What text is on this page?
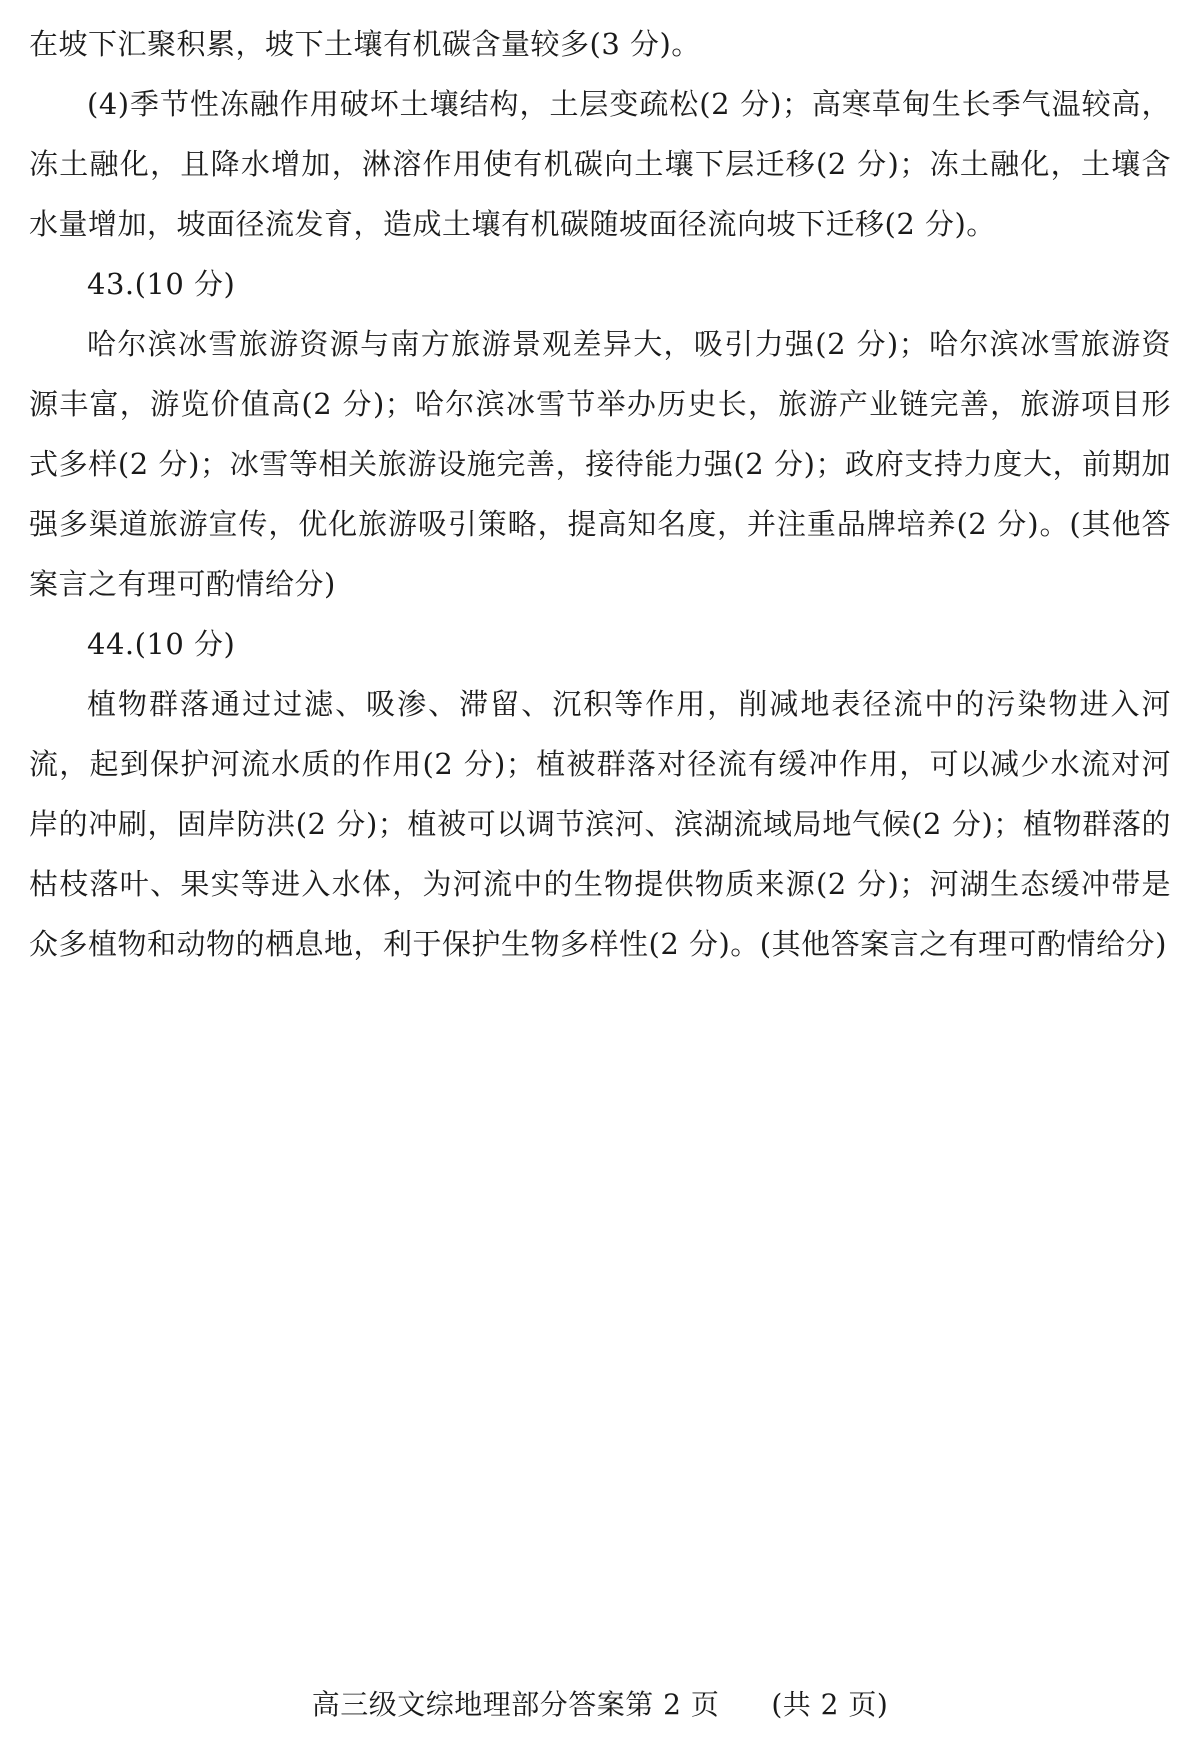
在坡下汇聚积累，坡下土壤有机碳含量较多(3 分)。

(4)季节性冻融作用破坏土壤结构，土层变疏松(2 分)；高寒草甸生长季气温较高，冻土融化，且降水增加，淋溶作用使有机碳向土壤下层迁移(2 分)；冻土融化，土壤含水量增加，坡面径流发育，造成土壤有机碳随坡面径流向坡下迁移(2 分)。

43.(10 分)

哈尔滨冰雪旅游资源与南方旅游景观差异大，吸引力强(2 分)；哈尔滨冰雪旅游资源丰富，游览价值高(2 分)；哈尔滨冰雪节举办历史长，旅游产业链完善，旅游项目形式多样(2 分)；冰雪等相关旅游设施完善，接待能力强(2 分)；政府支持力度大，前期加强多渠道旅游宣传，优化旅游吸引策略，提高知名度，并注重品牌培养(2 分)。(其他答案言之有理可酌情给分)

44.(10 分)

植物群落通过过滤、吸渗、滞留、沉积等作用，削减地表径流中的污染物进入河流，起到保护河流水质的作用(2 分)；植被群落对径流有缓冲作用，可以减少水流对河岸的冲刷，固岸防洪(2 分)；植被可以调节滨河、滨湖流域局地气候(2 分)；植物群落的枯枝落叶、果实等进入水体，为河流中的生物提供物质来源(2 分)；河湖生态缓冲带是众多植物和动物的栖息地，利于保护生物多样性(2 分)。(其他答案言之有理可酌情给分)

高三级文综地理部分答案第 2 页 (共 2 页)
